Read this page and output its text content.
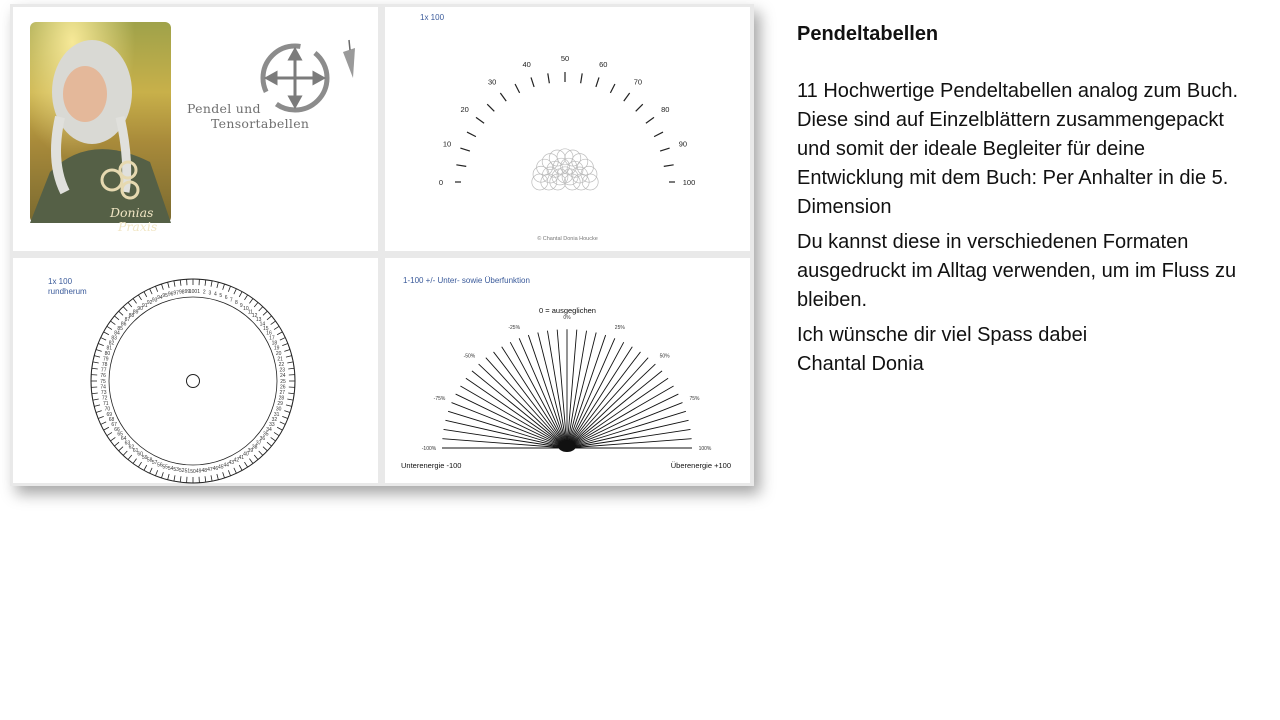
Donias
Praxis
Pendel und
Tensortabellen
1x 100
0
10
20
30
40
50
60
70
80
90
100
© Chantal Donia Houcke
1x 100
rundherum	100 1 2 3 4 5 6 7 8 9
10
11
12
13
14
15
16
17
18
19
20
21
22
23
24
25
26
27
28
29
30
31
32
33
34
35
36
37
38
39
40
41
42
43
44
45
46
47
48
49
50
51
52
53
54
55
56
57
58
59
60
61
62
63
64
65
66
67
68
69
70
71
72
73
74
75
76
77
78
79
80
81
82
83
84
85
86
87
88
89
90
91 92 93 94 95 96 97 98 99
1-100 +/- Unter- sowie Überfunktion
0 = ausgeglichen
-100%
-75%
-50%
-25%
0%
25%
50%
75%
100%
Unterenergie -100	Überenergie +100

Pendeltabellen

11 Hochwertige Pendeltabellen analog zum Buch. Diese sind auf Einzelblättern zusammengepackt und somit der ideale Begleiter für deine Entwicklung mit dem Buch: Per Anhalter in die 5. Dimension

Du kannst diese in verschiedenen Formaten ausgedruckt im Alltag verwenden, um im Fluss zu bleiben.

Ich wünsche dir viel Spass dabei

Chantal Donia
